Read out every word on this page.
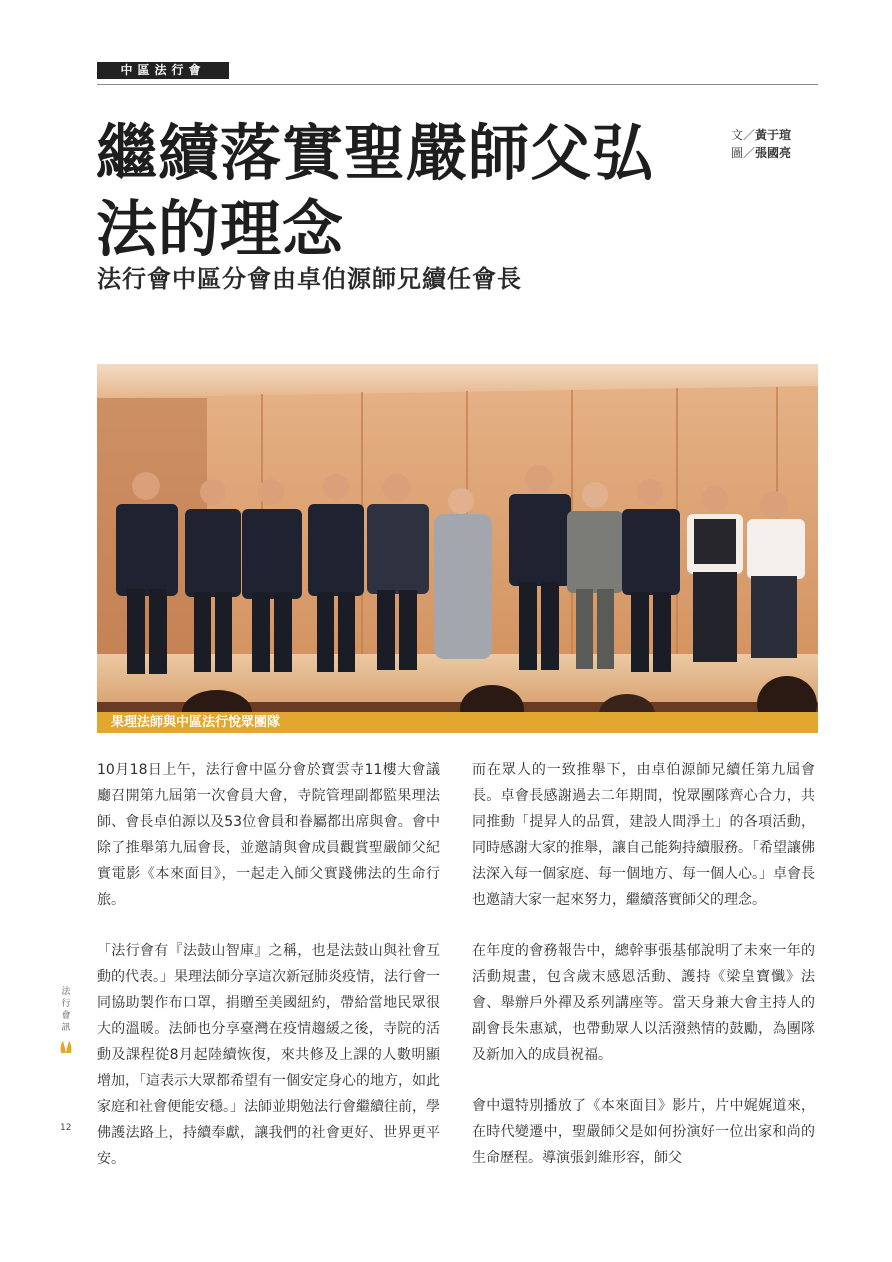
中區法行會
繼續落實聖嚴師父弘法的理念
法行會中區分會由卓伯源師兄續任會長
文／黃于瑄
圖／張國亮
果理法師與中區法行悅眾團隊

10月18日上午，法行會中區分會於寶雲寺11樓大會議廳召開第九屆第一次會員大會，寺院管理副都監果理法師、會長卓伯源以及53位會員和眷屬都出席與會。會中除了推舉第九屆會長，並邀請與會成員觀賞聖嚴師父紀實電影《本來面目》，一起走入師父實踐佛法的生命行旅。

「法行會有『法鼓山智庫』之稱，也是法鼓山與社會互動的代表。」果理法師分享這次新冠肺炎疫情，法行會一同協助製作布口罩，捐贈至美國紐約，帶給當地民眾很大的溫暖。法師也分享臺灣在疫情趨緩之後，寺院的活動及課程從8月起陸續恢復，來共修及上課的人數明顯增加，「這表示大眾都希望有一個安定身心的地方，如此家庭和社會便能安穩。」法師並期勉法行會繼續往前，學佛護法路上，持續奉獻，讓我們的社會更好、世界更平安。

而在眾人的一致推舉下，由卓伯源師兄續任第九屆會長。卓會長感謝過去二年期間，悅眾團隊齊心合力，共同推動「提昇人的品質，建設人間淨土」的各項活動，同時感謝大家的推舉，讓自己能夠持續服務。「希望讓佛法深入每一個家庭、每一個地方、每一個人心。」卓會長也邀請大家一起來努力，繼續落實師父的理念。

在年度的會務報告中，總幹事張基郁說明了未來一年的活動規畫，包含歲末感恩活動、護持《梁皇寶懺》法會、舉辦戶外禪及系列講座等。當天身兼大會主持人的副會長朱惠斌，也帶動眾人以活潑熱情的鼓勵，為團隊及新加入的成員祝福。

會中還特別播放了《本來面目》影片，片中娓娓道來，在時代變遷中，聖嚴師父是如何扮演好一位出家和尚的生命歷程。導演張釗維形容，師父

法行會訊
12
